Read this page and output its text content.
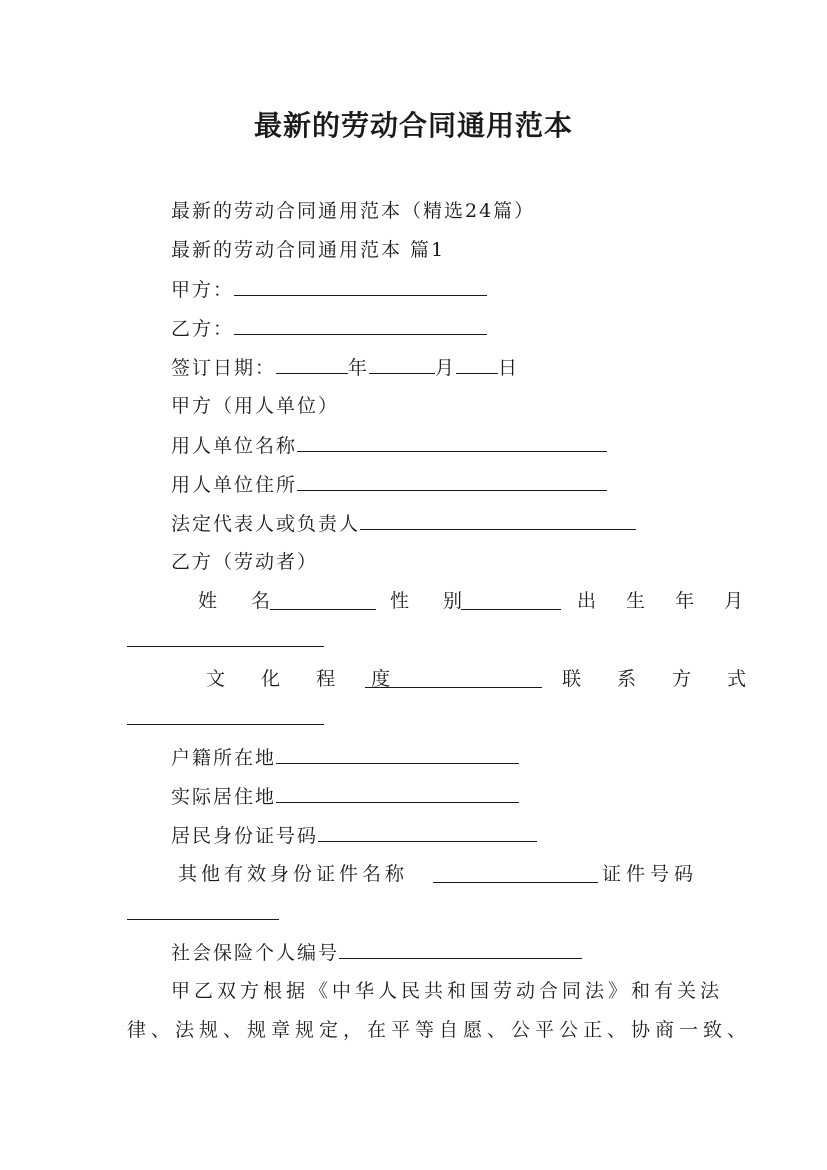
最新的劳动合同通用范本
最新的劳动合同通用范本（精选24篇）
最新的劳动合同通用范本 篇1
甲方：
乙方：
签订日期：	年	月 日
甲方（用人单位）
用人单位名称
用人单位住所
法定代表人或负责人
乙方（劳动者）
姓 名	性 别	出 生 年 月
文 化 程 度	联 系 方 式
户籍所在地
实际居住地
居民身份证号码
其他有效身份证件名称	证件号码
社会保险个人编号
甲乙双方根据《中华人民共和国劳动合同法》和有关法
律、法规、规章规定，在平等自愿、公平公正、协商一致、
